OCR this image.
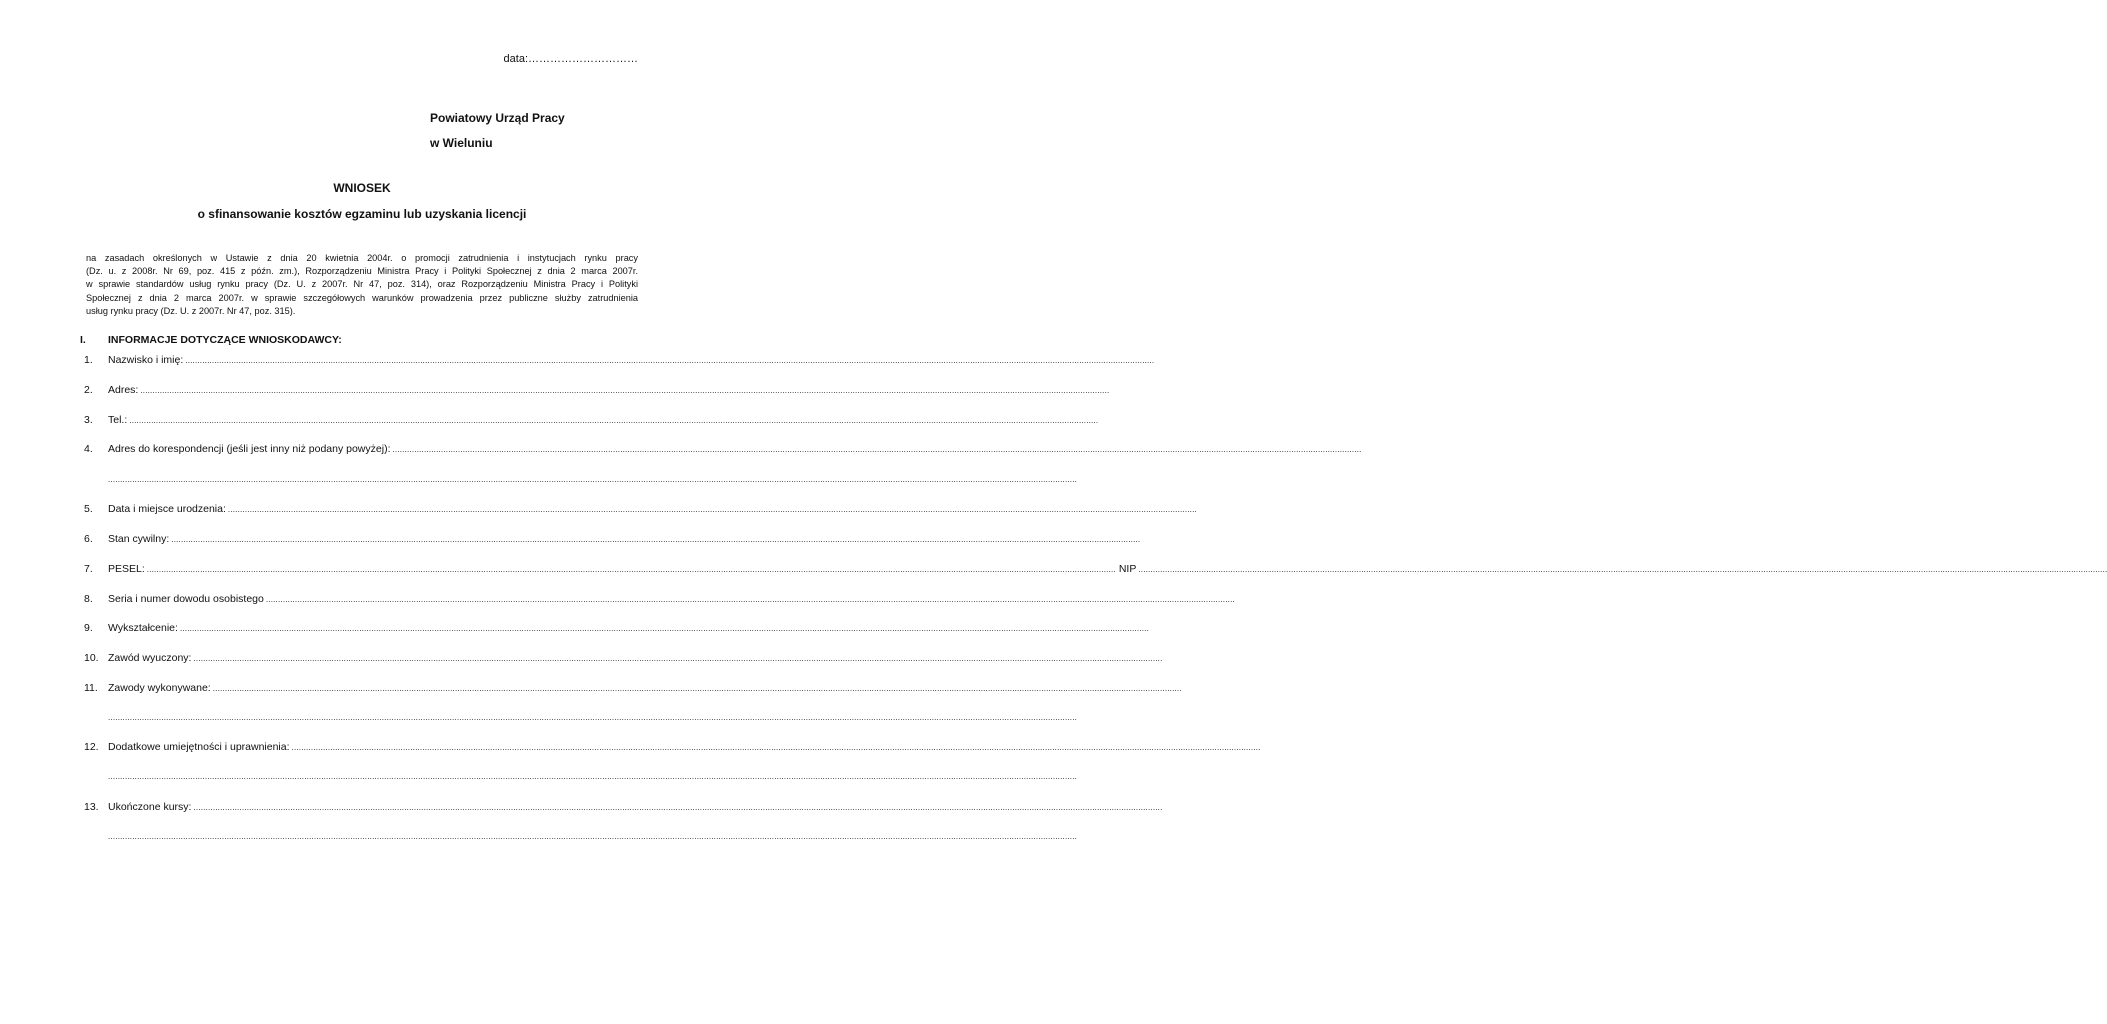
data:…………………………
Powiatowy Urząd Pracy
w Wieluniu
WNIOSEK
o sfinansowanie kosztów egzaminu lub uzyskania licencji
na zasadach określonych w Ustawie z dnia 20 kwietnia 2004r. o promocji zatrudnienia i instytucjach rynku pracy
(Dz. u. z 2008r. Nr 69, poz. 415 z późn. zm.), Rozporządzeniu Ministra Pracy i Polityki Społecznej z dnia 2 marca 2007r.
w sprawie standardów usług rynku pracy (Dz. U. z 2007r. Nr 47, poz. 314), oraz Rozporządzeniu Ministra Pracy i Polityki
Społecznej z dnia 2 marca 2007r. w sprawie szczegółowych warunków prowadzenia przez publiczne służby zatrudnienia
usług rynku pracy (Dz. U. z 2007r. Nr 47, poz. 315).
I. INFORMACJE DOTYCZĄCE WNIOSKODAWCY:
1.	Nazwisko i imię: ................................................................................................................................................................................................................................................................................................................................................................................................................
2.	Adres: ................................................................................................................................................................................................................................................................................................................................................................................................................
3.	Tel.: ................................................................................................................................................................................................................................................................................................................................................................................................................
4.	Adres do korespondencji (jeśli jest inny niż podany powyżej): ................................................................................................................................................................................................................................................................................................................................................................................................................
................................................................................................................................................................................................................................................................................................................................................................................................................
5.	Data i miejsce urodzenia: ................................................................................................................................................................................................................................................................................................................................................................................................................
6.	Stan cywilny: ................................................................................................................................................................................................................................................................................................................................................................................................................
7.	PESEL: ................................................................................................................................................................................................................................................................................................................................................................................................................ NIP ................................................................................................................................................................................................................................................................................................................................................................................................................
8.	Seria i numer dowodu osobistego ................................................................................................................................................................................................................................................................................................................................................................................................................
9.	Wykształcenie: ................................................................................................................................................................................................................................................................................................................................................................................................................
10. Zawód wyuczony: ................................................................................................................................................................................................................................................................................................................................................................................................................
11. Zawody wykonywane: ................................................................................................................................................................................................................................................................................................................................................................................................................
................................................................................................................................................................................................................................................................................................................................................................................................................
12. Dodatkowe umiejętności i uprawnienia: ................................................................................................................................................................................................................................................................................................................................................................................................................
................................................................................................................................................................................................................................................................................................................................................................................................................
13. Ukończone kursy: ................................................................................................................................................................................................................................................................................................................................................................................................................
................................................................................................................................................................................................................................................................................................................................................................................................................
